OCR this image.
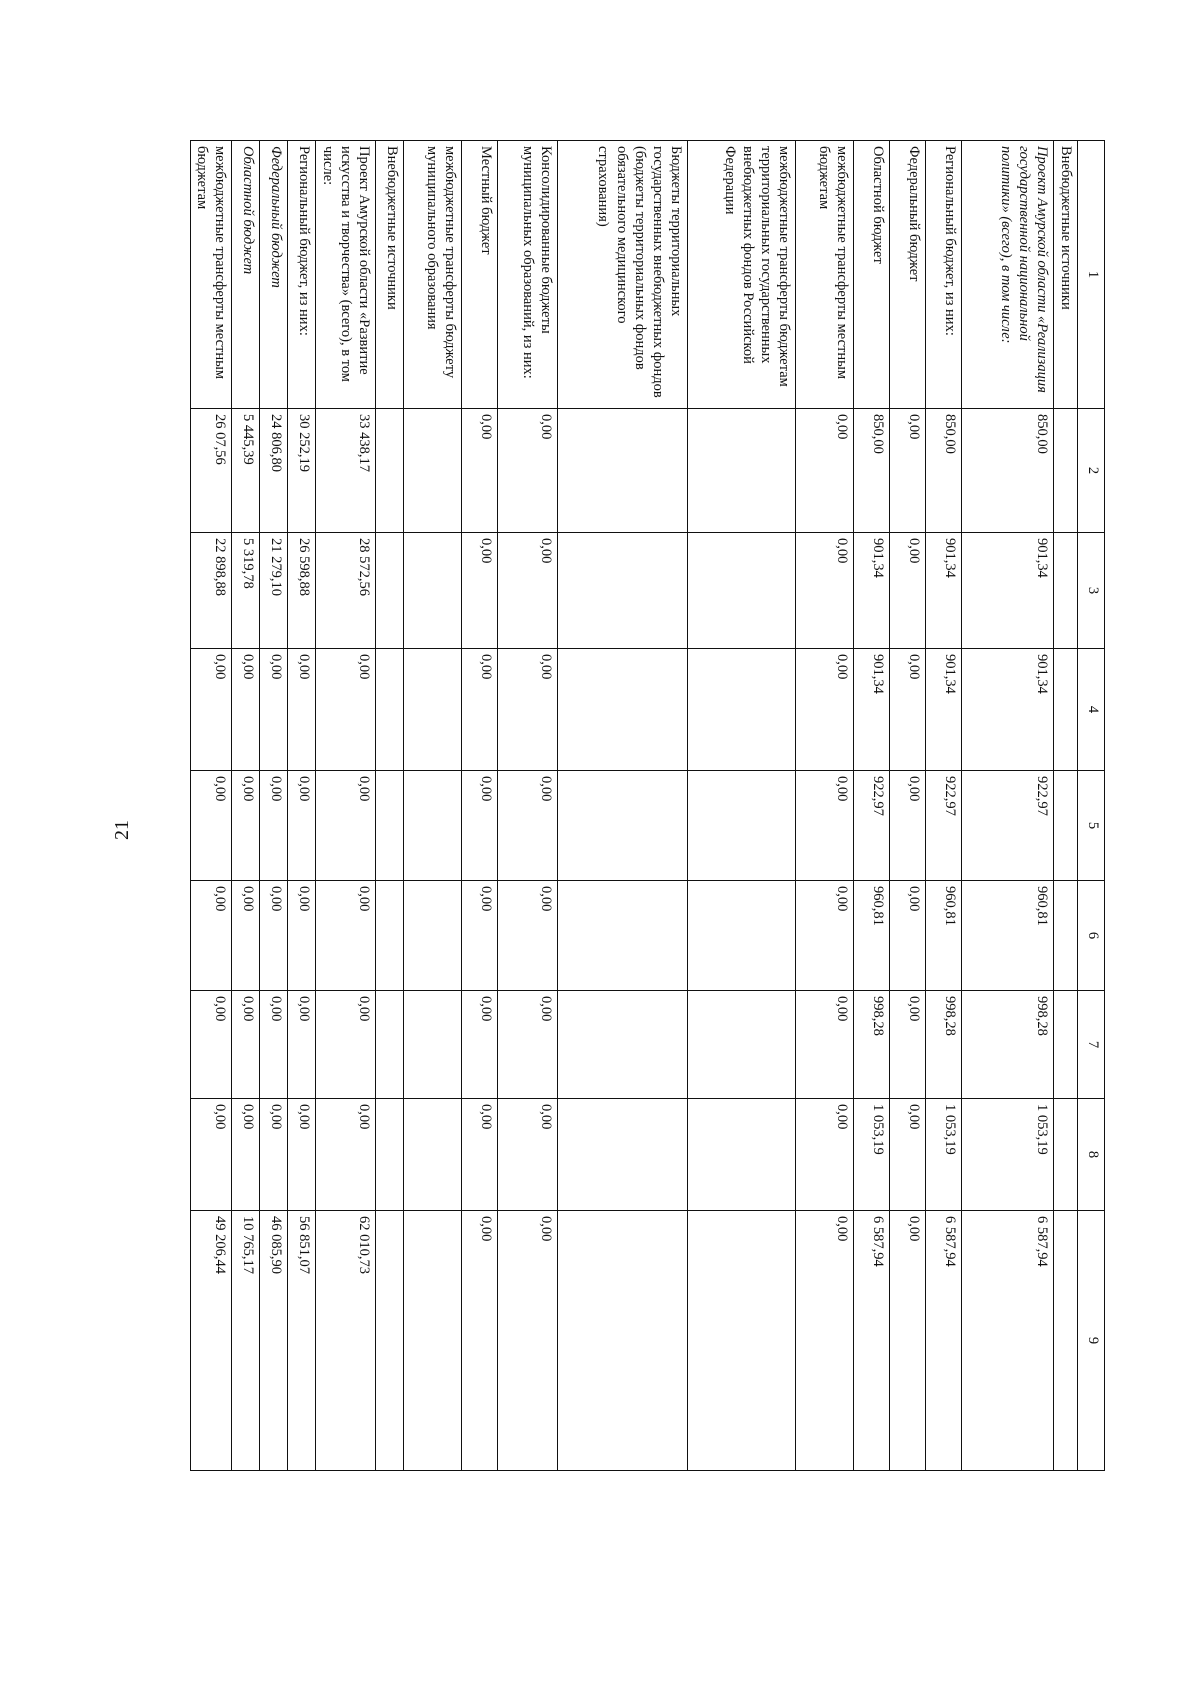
21
1	2	3	4	5	6	7	8	9
Внебюджетные источники								
Проект Амурской области «Реализация государственной национальной политики» (всего), в том числе:	850,00	901,34	901,34	922,97	960,81	998,28	1 053,19	6 587,94
Региональный бюджет, из них:	850,00	901,34	901,34	922,97	960,81	998,28	1 053,19	6 587,94
Федеральный бюджет	0,00	0,00	0,00	0,00	0,00	0,00	0,00	0,00
Областной бюджет	850,00	901,34	901,34	922,97	960,81	998,28	1 053,19	6 587,94
межбюджетные трансферты местным бюджетам	0,00	0,00	0,00	0,00	0,00	0,00	0,00	0,00
межбюджетные трансферты бюджетам территориальных государственных внебюджетных фондов Российской Федерации								
Бюджеты территориальных государственных внебюджетных фондов (бюджеты территориальных фондов обязательного медицинского страхования)								
Консолидированные бюджеты муниципальных образований, из них:	0,00	0,00	0,00	0,00	0,00	0,00	0,00	0,00
Местный бюджет	0,00	0,00	0,00	0,00	0,00	0,00	0,00	0,00
межбюджетные трансферты бюджету муниципального образования								
Внебюджетные источники								
Проект Амурской области «Развитие искусства и творчества» (всего), в том числе:	33 438,17	28 572,56	0,00	0,00	0,00	0,00	0,00	62 010,73
Региональный бюджет, из них:	30 252,19	26 598,88	0,00	0,00	0,00	0,00	0,00	56 851,07
Федеральный бюджет	24 806,80	21 279,10	0,00	0,00	0,00	0,00	0,00	46 085,90
Областной бюджет	5 445,39	5 319,78	0,00	0,00	0,00	0,00	0,00	10 765,17
межбюджетные трансферты местным бюджетам	26 07,56	22 898,88	0,00	0,00	0,00	0,00	0,00	49 206,44
